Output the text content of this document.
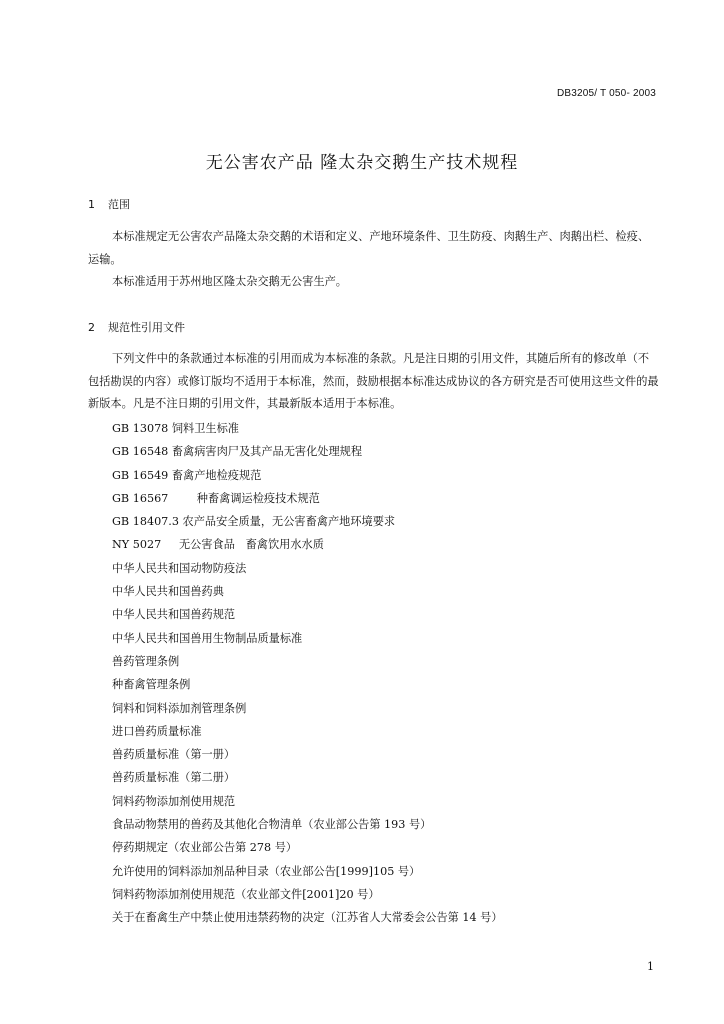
DB3205/ T 050- 2003
无公害农产品 隆太杂交鹅生产技术规程
1 范围
本标准规定无公害农产品隆太杂交鹅的术语和定义、产地环境条件、卫生防疫、肉鹅生产、肉鹅出栏、检疫、运输。
本标准适用于苏州地区隆太杂交鹅无公害生产。
2 规范性引用文件
下列文件中的条款通过本标准的引用而成为本标准的条款。凡是注日期的引用文件，其随后所有的修改单（不包括勘误的内容）或修订版均不适用于本标准，然而，鼓励根据本标准达成协议的各方研究是否可使用这些文件的最新版本。凡是不注日期的引用文件，其最新版本适用于本标准。
GB 13078 饲料卫生标准
GB 16548 畜禽病害肉尸及其产品无害化处理规程
GB 16549 畜禽产地检疫规范
GB 16567        种畜禽调运检疫技术规范
GB 18407.3 农产品安全质量，无公害畜禽产地环境要求
NY 5027     无公害食品   畜禽饮用水水质
中华人民共和国动物防疫法
中华人民共和国兽药典
中华人民共和国兽药规范
中华人民共和国兽用生物制品质量标准
兽药管理条例
种畜禽管理条例
饲料和饲料添加剂管理条例
进口兽药质量标准
兽药质量标准（第一册）
兽药质量标准（第二册）
饲料药物添加剂使用规范
食品动物禁用的兽药及其他化合物清单（农业部公告第 193 号）
停药期规定（农业部公告第 278 号）
允许使用的饲料添加剂品种目录（农业部公告[1999]105 号）
饲料药物添加剂使用规范（农业部文件[2001]20 号）
关于在畜禽生产中禁止使用违禁药物的决定（江苏省人大常委会公告第 14 号）
1
